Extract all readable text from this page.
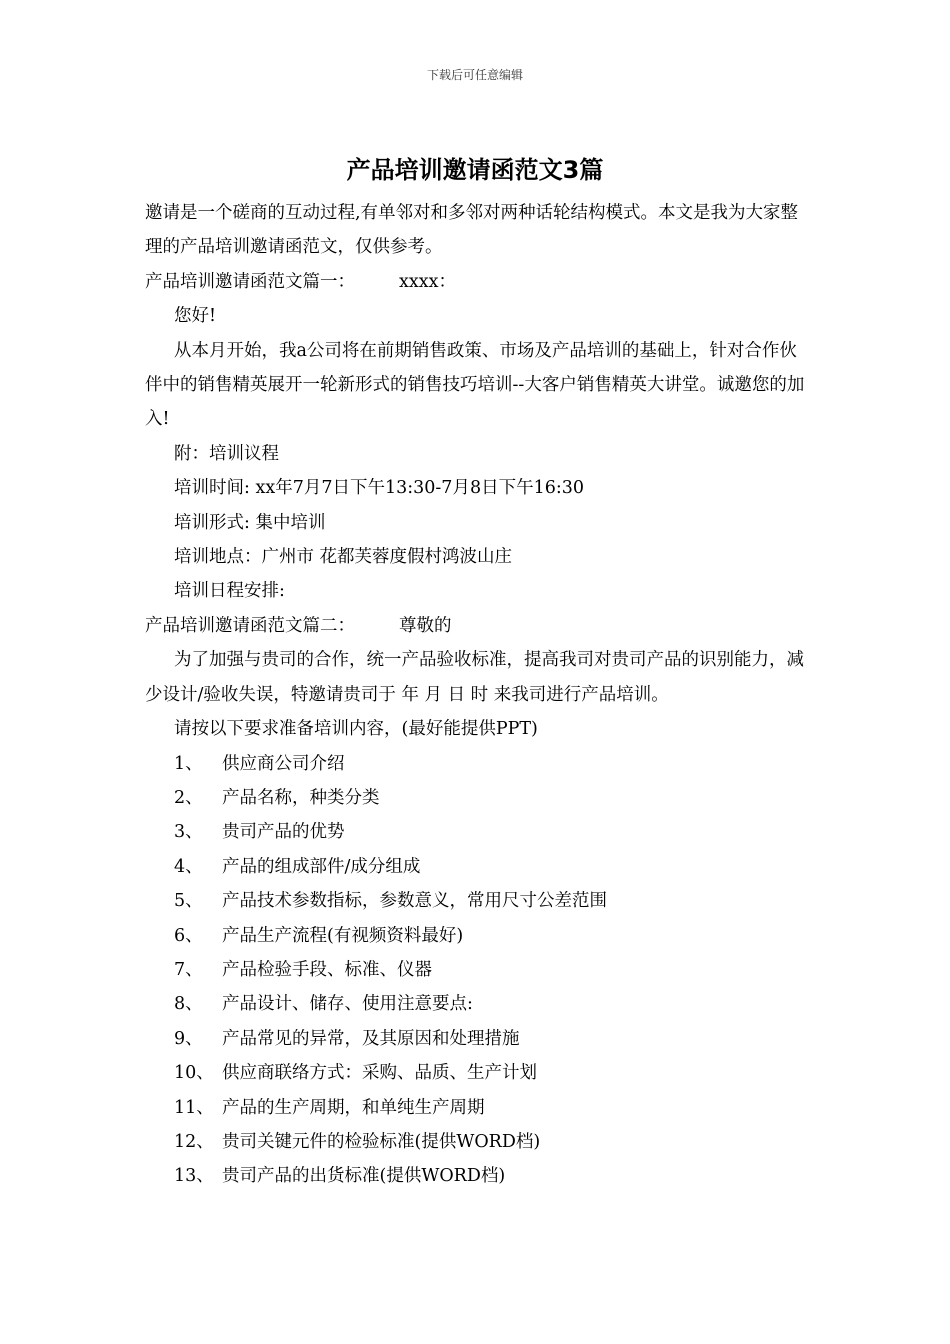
下载后可任意编辑
产品培训邀请函范文3篇

邀请是一个磋商的互动过程,有单邻对和多邻对两种话轮结构模式。本文是我为大家整理的产品培训邀请函范文，仅供参考。

产品培训邀请函范文篇一：	xxxx：

您好!

从本月开始，我a公司将在前期销售政策、市场及产品培训的基础上，针对合作伙伴中的销售精英展开一轮新形式的销售技巧培训--大客户销售精英大讲堂。诚邀您的加入!

附：培训议程

培训时间: xx年7月7日下午13:30-7月8日下午16:30

培训形式: 集中培训

培训地点：广州市 花都芙蓉度假村鸿波山庄

培训日程安排:

产品培训邀请函范文篇二：	尊敬的

为了加强与贵司的合作，统一产品验收标准，提高我司对贵司产品的识别能力，减少设计/验收失误，特邀请贵司于 年 月 日 时 来我司进行产品培训。

请按以下要求准备培训内容，(最好能提供PPT)

1、 供应商公司介绍

2、 产品名称，种类分类

3、 贵司产品的优势

4、 产品的组成部件/成分组成

5、 产品技术参数指标，参数意义，常用尺寸公差范围

6、 产品生产流程(有视频资料最好)

7、 产品检验手段、标准、仪器

8、 产品设计、储存、使用注意要点:

9、 产品常见的异常，及其原因和处理措施

10、 供应商联络方式：采购、品质、生产计划

11、 产品的生产周期，和单纯生产周期

12、 贵司关键元件的检验标准(提供WORD档)

13、 贵司产品的出货标准(提供WORD档)
